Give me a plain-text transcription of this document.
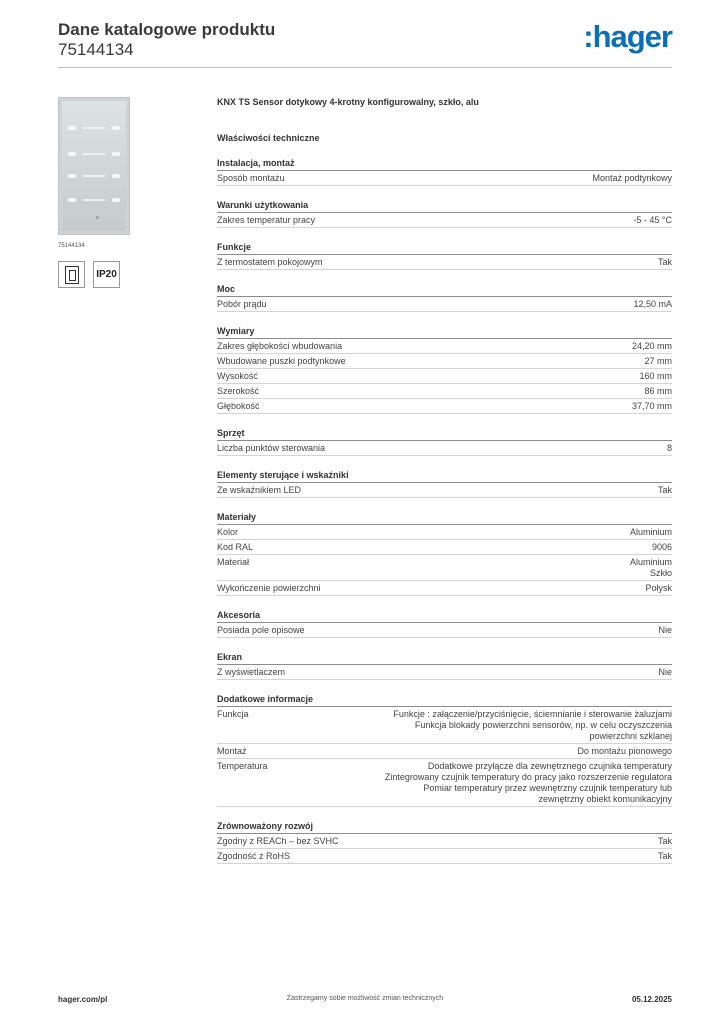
Dane katalogowe produktu
75144134	:hager
75144134
IP20
KNX TS Sensor dotykowy 4-krotny konfigurowalny, szkło, alu
Właściwości techniczne
Instalacja, montaż
Sposób montażu	Montaż podtynkowy
Warunki użytkowania
Zakres temperatur pracy	-5 - 45 °C
Funkcje
Z termostatem pokojowym	Tak
Moc
Pobór prądu	12,50 mA
Wymiary
Zakres głębokości wbudowania	24,20 mm
Wbudowane puszki podtynkowe	27 mm
Wysokość	160 mm
Szerokość	86 mm
Głębokość	37,70 mm
Sprzęt
Liczba punktów sterowania	8
Elementy sterujące i wskaźniki
Ze wskaźnikiem LED	Tak
Materiały
Kolor	Aluminium
Kod RAL	9006
Materiał	Aluminium
Szkło
Wykończenie powierzchni	Połysk
Akcesoria
Posiada pole opisowe	Nie
Ekran
Z wyświetlaczem	Nie
Dodatkowe informacje
Funkcja	Funkcje : załączenie/przyciśnięcie, ściemnianie i sterowanie żaluzjami
Funkcja blokady powierzchni sensorów, np. w celu oczyszczenia
powierzchni szklanej
Montaż	Do montażu pionowego
Temperatura	Dodatkowe przyłącze dla zewnętrznego czujnika temperatury
Zintegrowany czujnik temperatury do pracy jako rozszerzenie regulatora
Pomiar temperatury przez wewnętrzny czujnik temperatury lub
zewnętrzny obiekt komunikacyjny
Zrównoważony rozwój
Zgodny z REACh – bez SVHC	Tak
Zgodność z RoHS	Tak
hager.com/pl	Zastrzegamy sobie możliwość zmian technicznych	05.12.2025
